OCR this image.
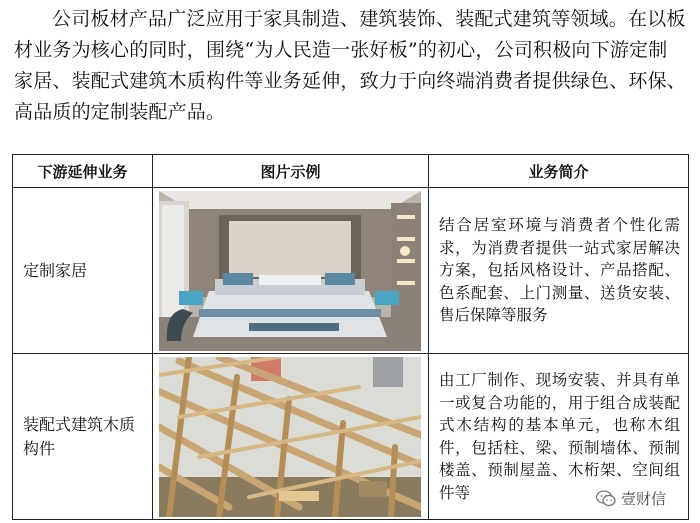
公司板材产品广泛应用于家具制造、建筑装饰、装配式建筑等领域。在以板材业务为核心的同时，围绕“为人民造一张好板”的初心，公司积极向下游定制家居、装配式建筑木质构件等业务延伸，致力于向终端消费者提供绿色、环保、高品质的定制装配产品。

下游延伸业务	图片示例	业务简介
定制家居		结合居室环境与消费者个性化需求，为消费者提供一站式家居解决方案，包括风格设计、产品搭配、色系配套、上门测量、送货安装、售后保障等服务
装配式建筑木质构件		由工厂制作、现场安装、并具有单一或复合功能的，用于组合成装配式木结构的基本单元，也称木组件，包括柱、梁、预制墙体、预制楼盖、预制屋盖、木桁架、空间组件等	壹财信
